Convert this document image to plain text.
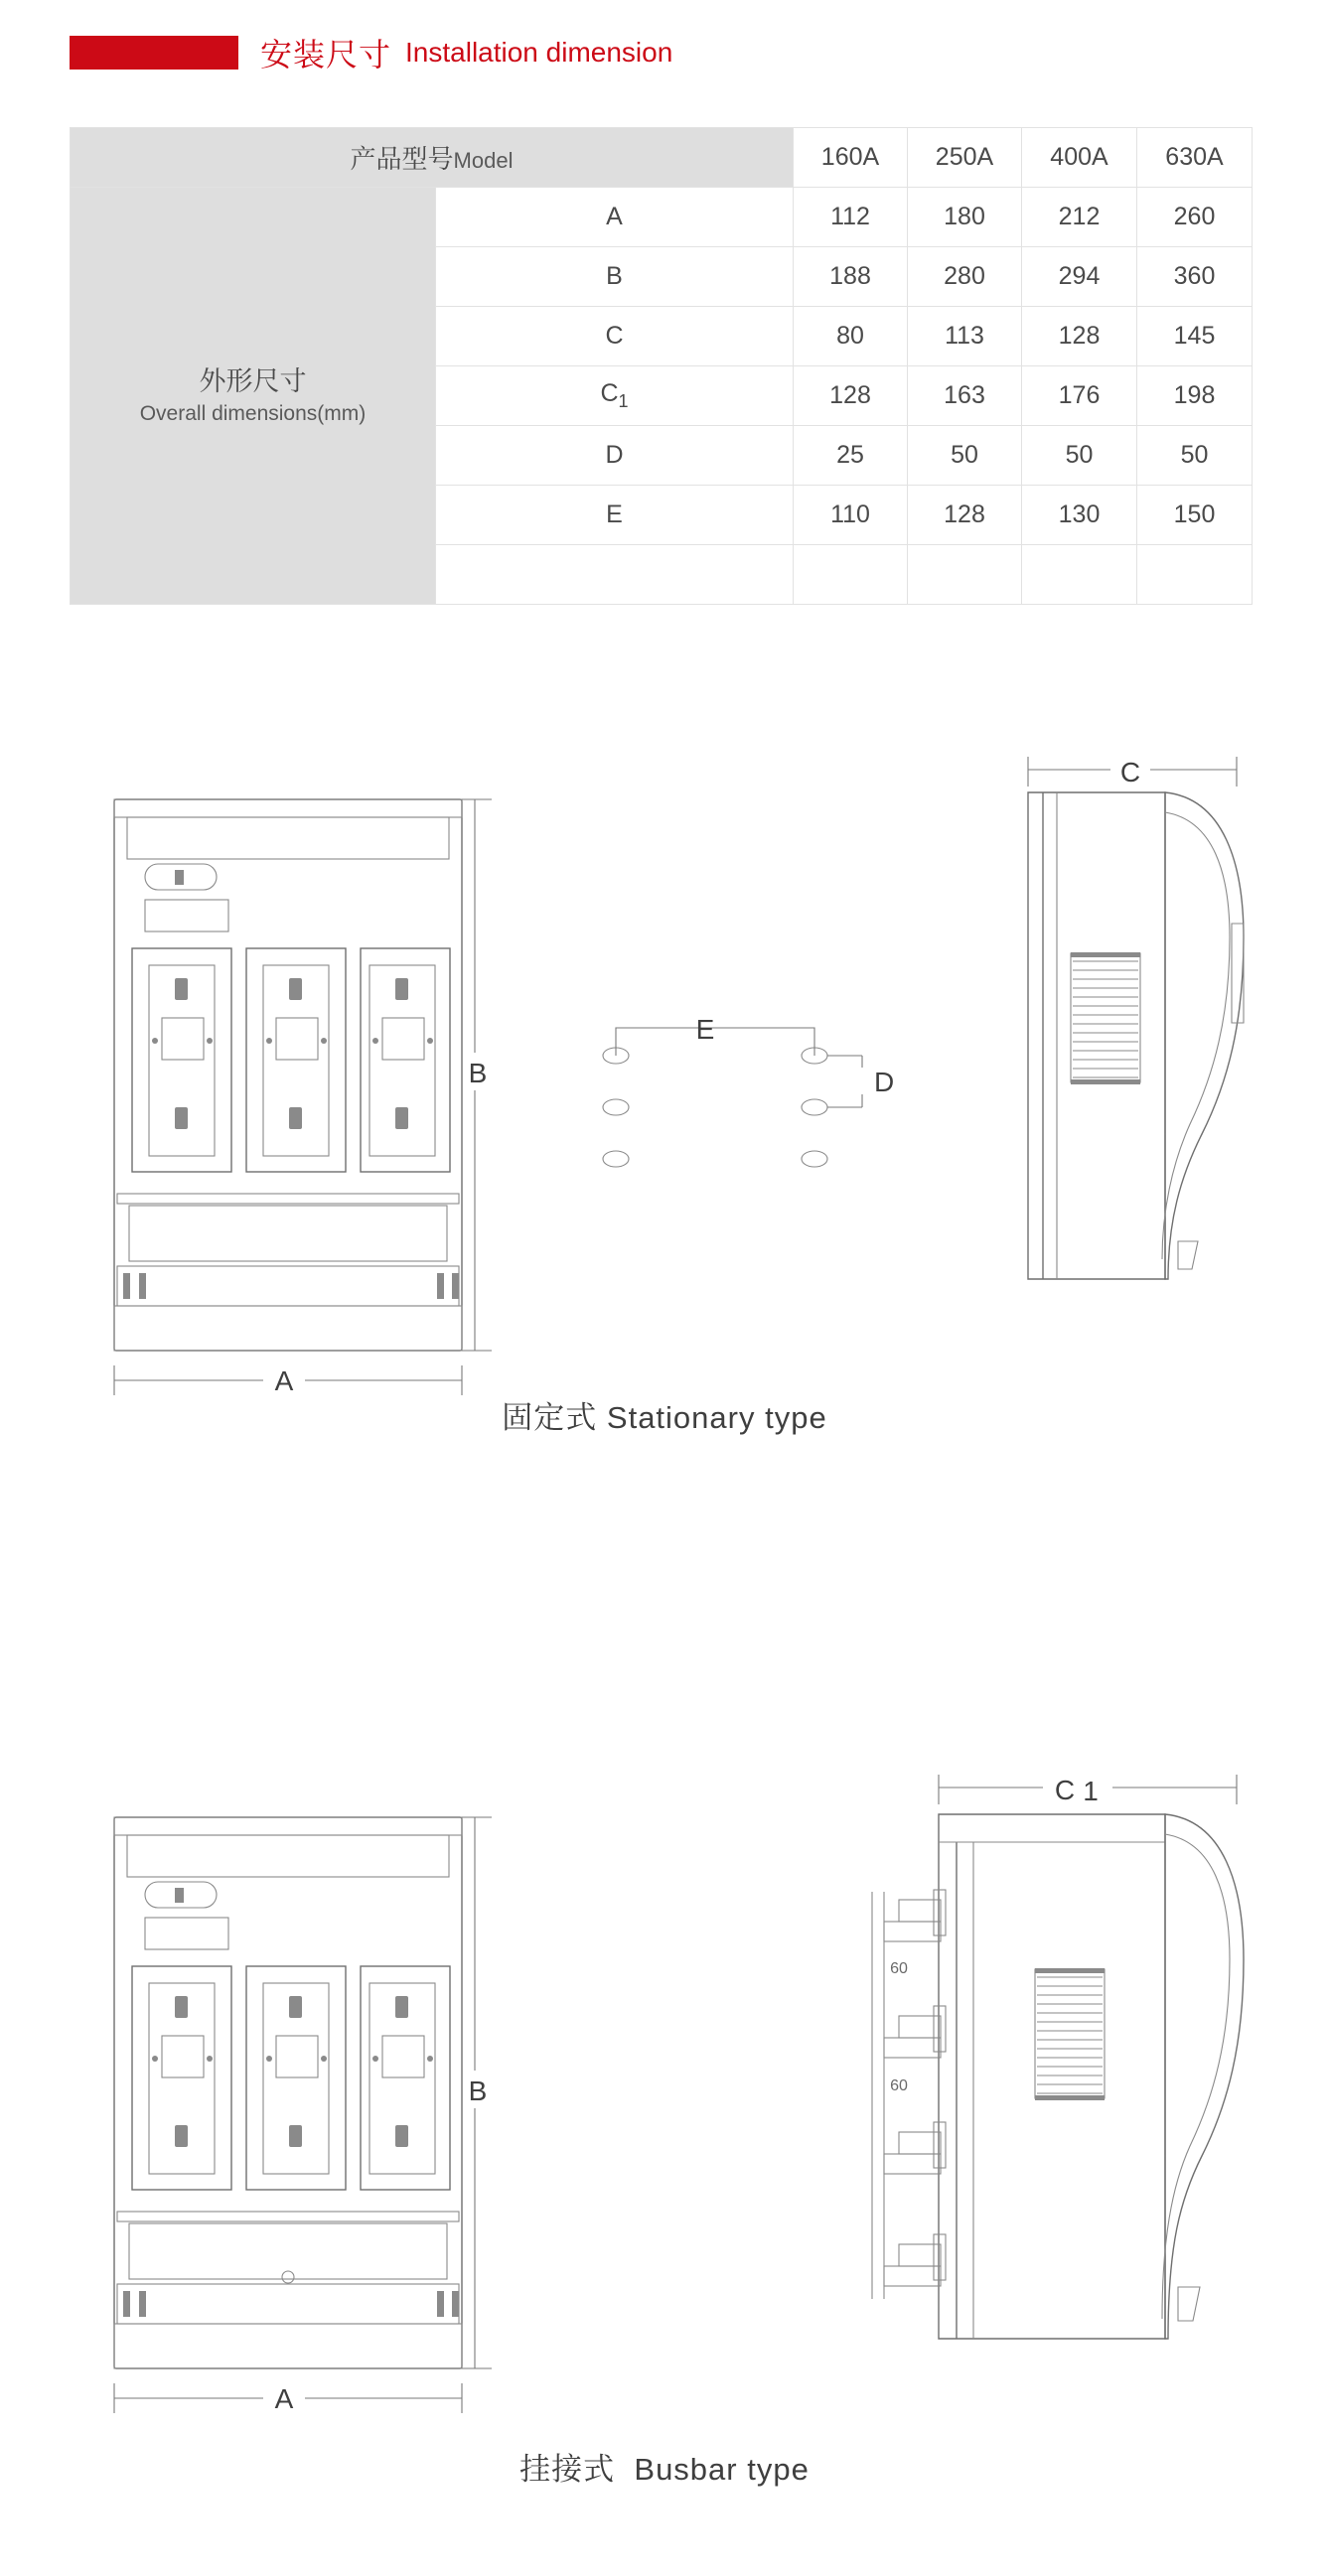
安装尺寸 Installation dimension
产品型号Model		160A	250A	400A	630A

外形尺寸
Overall dimensions(mm)	A	112	180	212	260
	B	188	280	294	360
	C	80	113	128	145
	$C_1$	128	163	176	198
	D	25	50	50	50
	E	110	128	130	150

B
A
E
D
C
固定式 Stationary type
B
A
C 1
60
60
挂接式 Busbar type
